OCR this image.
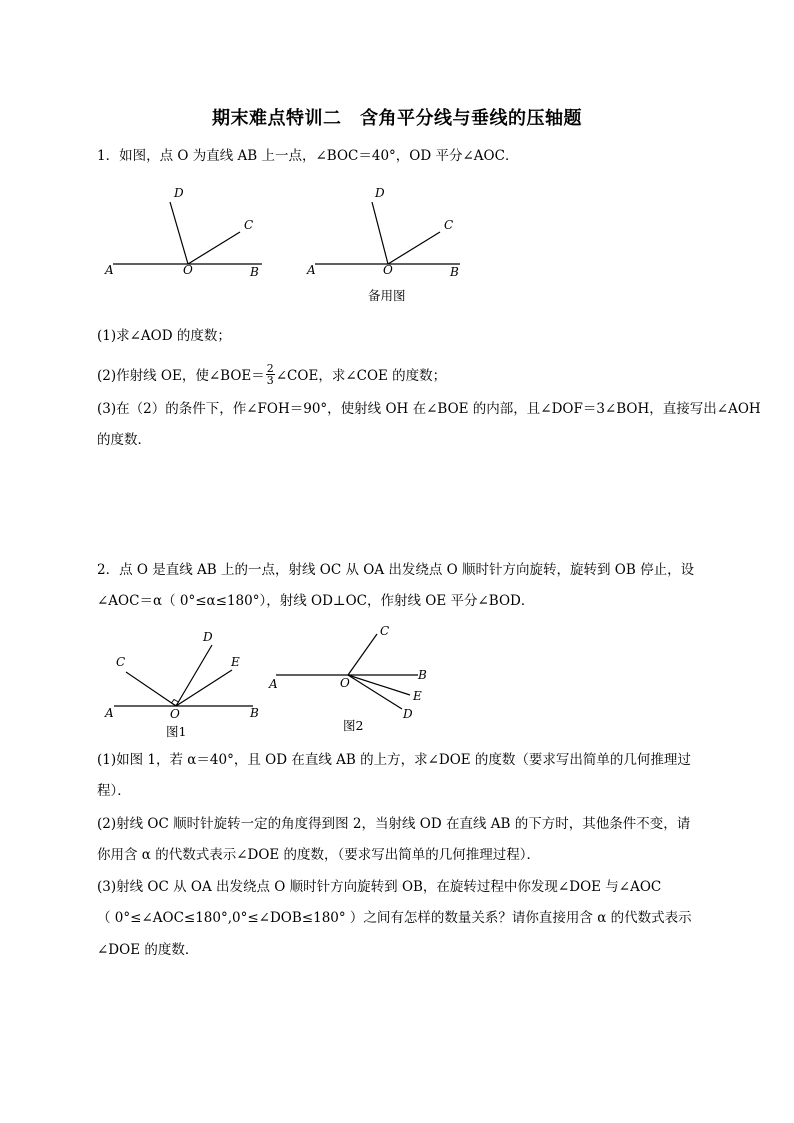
期末难点特训二　含角平分线与垂线的压轴题
1．如图，点 O 为直线 AB 上一点，∠BOC＝40°，OD 平分∠AOC．
A	O	B
C
D
A	O	B
C
D
备用图
(1)求∠AOD 的度数；
(2)作射线 OE，使∠BOE＝ $\frac{2}{3}$ ∠COE，求∠COE 的度数；
(3)在（2）的条件下，作∠FOH＝90°，使射线 OH 在∠BOE 的内部，且∠DOF＝3∠BOH，直接写出∠AOH
的度数．
2．点 O 是直线 AB 上的一点，射线 OC 从 OA 出发绕点 O 顺时针方向旋转，旋转到 OB 停止，设
∠AOC＝α（ 0°≤α≤180°），射线 OD⊥OC，作射线 OE 平分∠BOD．
A	O	B
C
D
E
图1
A	O
B
C
E
D
图2
(1)如图 1，若 α＝40°，且 OD 在直线 AB 的上方，求∠DOE 的度数（要求写出简单的几何推理过
程）．
(2)射线 OC 顺时针旋转一定的角度得到图 2，当射线 OD 在直线 AB 的下方时，其他条件不变，请
你用含 α 的代数式表示∠DOE 的度数，（要求写出简单的几何推理过程）．
(3)射线 OC 从 OA 出发绕点 O 顺时针方向旋转到 OB，在旋转过程中你发现∠DOE 与∠AOC
（ 0°≤∠AOC≤180°,0°≤∠DOB≤180° ）之间有怎样的数量关系？请你直接用含 α 的代数式表示
∠DOE 的度数．
